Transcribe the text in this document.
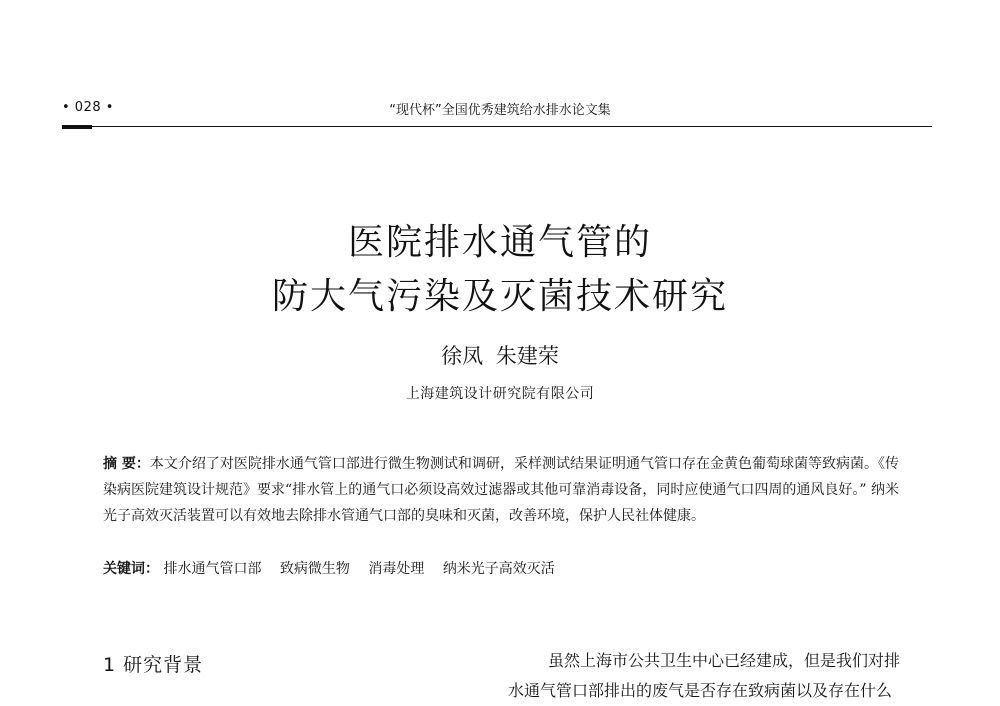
• 028 •	“现代杯”全国优秀建筑给水排水论文集
医院排水通气管的
防大气污染及灭菌技术研究
徐凤 朱建荣
上海建筑设计研究院有限公司
摘 要：本文介绍了对医院排水通气管口部进行微生物测试和调研，采样测试结果证明通气管口存在金黄色葡萄球菌等致病菌。《传染病医院建筑设计规范》要求“排水管上的通气口必须设高效过滤器或其他可靠消毒设备，同时应使通气口四周的通风良好。” 纳米光子高效灭活装置可以有效地去除排水管通气口部的臭味和灭菌，改善环境，保护人民社体健康。
关键词： 排水通气管口部 致病微生物 消毒处理 纳米光子高效灭活
1 研究背景	虽然上海市公共卫生中心已经建成，但是我们对排
水通气管口部排出的废气是否存在致病菌以及存在什么
